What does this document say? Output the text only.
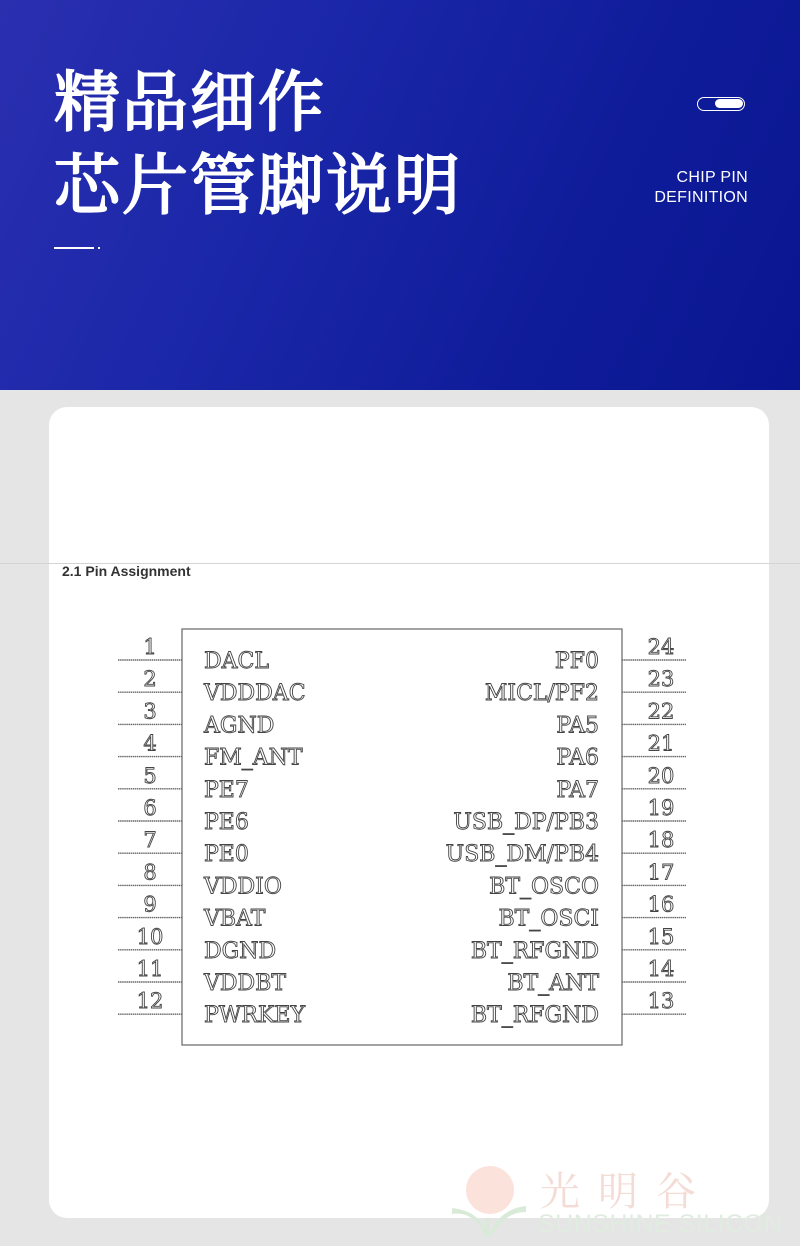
精品细作
芯片管脚说明	CHIP PIN
DEFINITION
2.1 Pin Assignment
1
DACL
2
VDDDAC
3
AGND
4
FM_ANT
5
PE7
6
PE6
7
PE0
8
VDDIO
9
VBAT
10
DGND
11
VDDBT
12
PWRKEY
24
PF0
23
MICL/PF2
22
PA5
21
PA6
20
PA7
19
USB_DP/PB3
18
USB_DM/PB4
17
BT_OSCO
16
BT_OSCI
15
BT_RFGND
14
BT_ANT
13
BT_RFGND
光明谷
SUNSHINE SILICON
